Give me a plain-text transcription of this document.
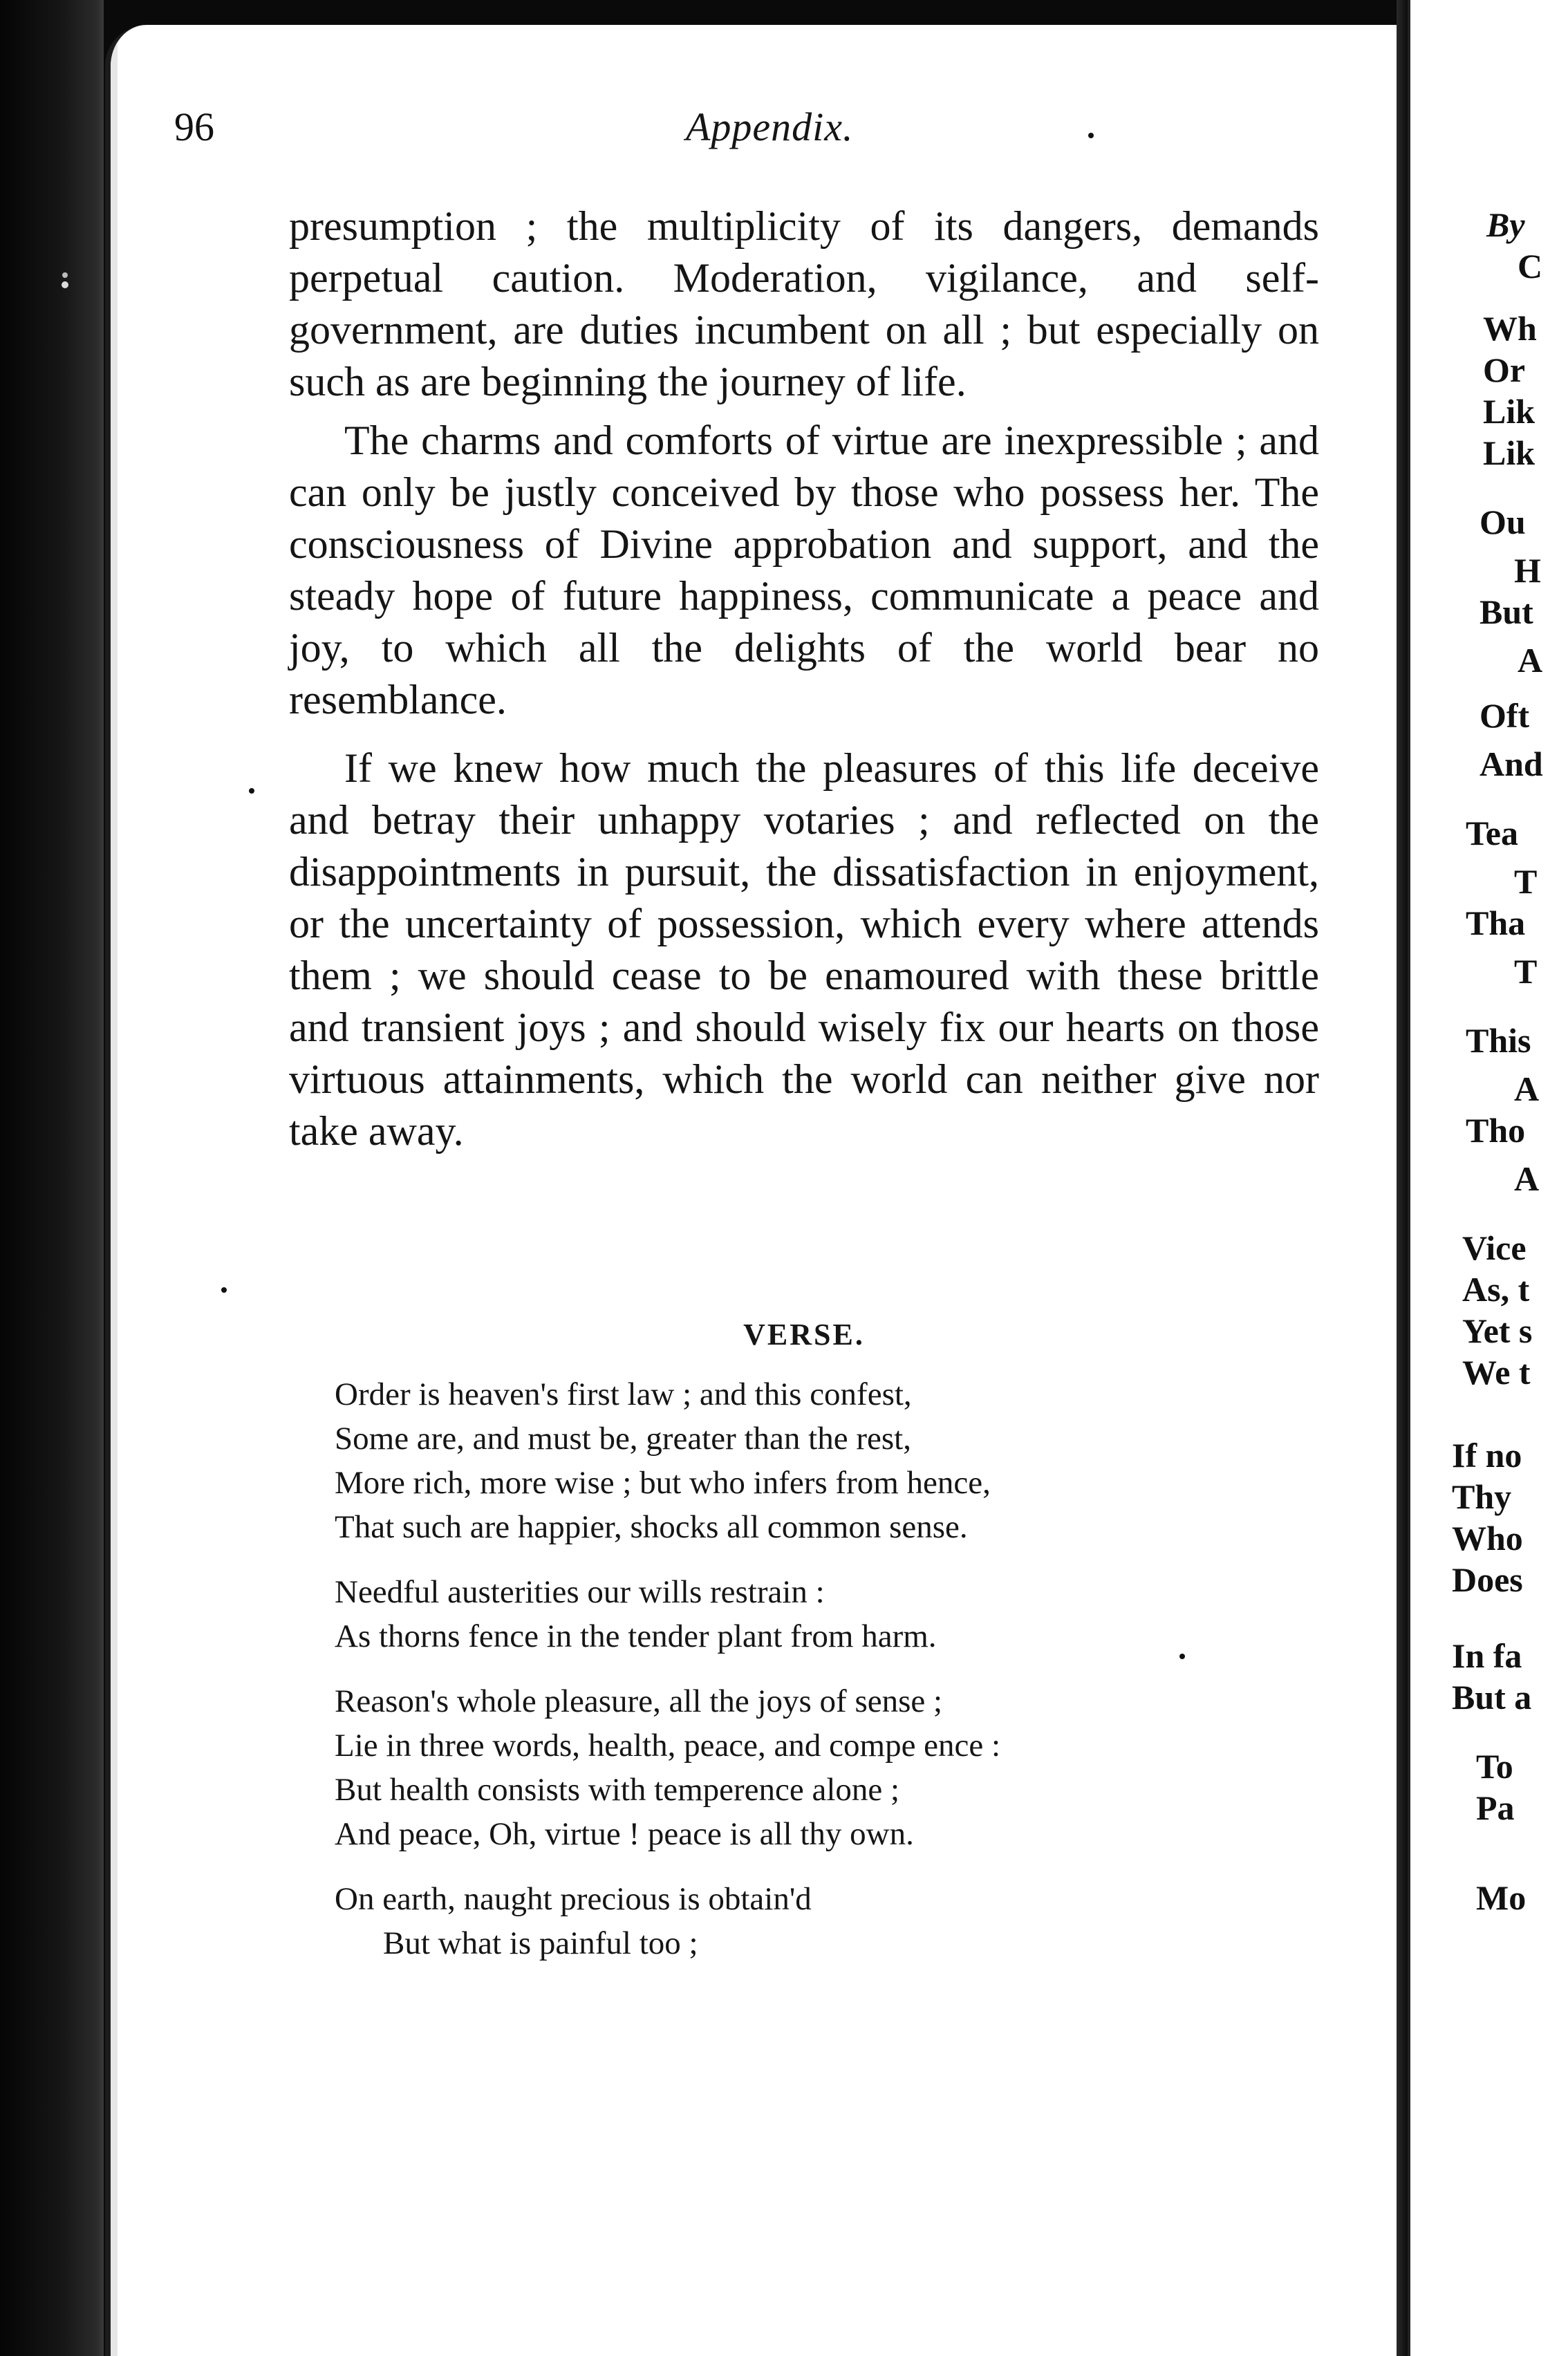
96	Appendix.

presumption ; the multiplicity of its dangers, demands perpetual caution. Moderation, vigilance, and self-government, are duties incumbent on all ; but especially on such as are beginning the journey of life.

The charms and comforts of virtue are inexpressible ; and can only be justly conceived by those who possess her. The consciousness of Divine approbation and support, and the steady hope of future happiness, communicate a peace and joy, to which all the delights of the world bear no resemblance.

If we knew how much the pleasures of this life deceive and betray their unhappy votaries ; and reflected on the disappointments in pursuit, the dissatisfaction in enjoyment, or the uncertainty of possession, which every where attends them ; we should cease to be enamoured with these brittle and transient joys ; and should wisely fix our hearts on those virtuous attainments, which the world can neither give nor take away.

VERSE.
Order is heaven's first law ; and this confest,
Some are, and must be, greater than the rest,
More rich, more wise ; but who infers from hence,
That such are happier, shocks all common sense.
Needful austerities our wills restrain :
As thorns fence in the tender plant from harm.
Reason's whole pleasure, all the joys of sense ;
Lie in three words, health, peace, and compe ence :
But health consists with temperence alone ;
And peace, Oh, virtue ! peace is all thy own.
On earth, naught precious is obtain'd
But what is painful too ;
By
C
Wh
Or
Lik
Lik
Ou
H
But
A
Oft
And
Tea
T
Tha
T
This
A
Tho
A
Vice
As, t
Yet s
We t
If no
Thy
Who
Does
In fa
But a
To
Pa
Mo
